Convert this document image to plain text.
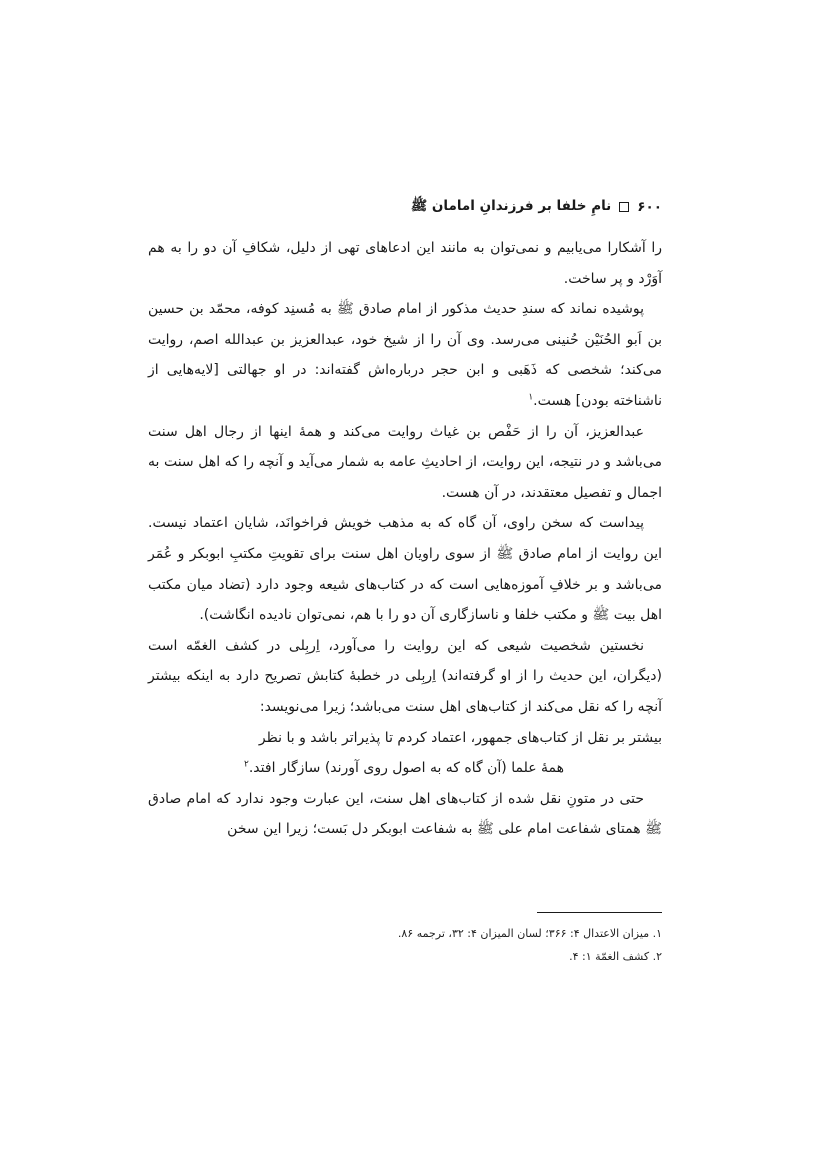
۶۰۰
نامِ خلفا بر فرزندانِ امامان ﷺ

را آشکارا می‌یابیم و نمی‌توان به مانند این ادعاهای تهی از دلیل، شکافِ آن دو را به هم آوَرْد و پر ساخت.

پوشیده نماند که سندِ حدیث مذکور از امام صادق ﷺ به مُسنِد کوفه، محمّد بن حسین بن اَبو الحُنَیْن حُنینی می‌رسد. وی آن را از شیخ خود، عبدالعزیز بن عبدالله اصم، روایت می‌کند؛ شخصی که ذَهَبی و ابن حجر درباره‌اش گفته‌اند: در او جهالتی [لایه‌هایی از ناشناخته بودن] هست.$^۱$

عبدالعزیز، آن را از حَفْص بن غیاث روایت می‌کند و همهٔ اینها از رجال اهل سنت می‌باشد و در نتیجه، این روایت، از احادیثِ عامه به شمار می‌آید و آنچه را که اهل سنت به اجمال و تفصیل معتقدند، در آن هست.

پیداست که سخن راوی، آن گاه که به مذهب خویش فراخوانَد، شایان اعتماد نیست. این روایت از امام صادق ﷺ از سوی راویان اهل سنت برای تقویتِ مکتبِ ابوبکر و عُمَر می‌باشد و بر خلافِ آموزه‌هایی است که در کتاب‌های شیعه وجود دارد (تضاد میان مکتب اهل بیت ﷺ و مکتب خلفا و ناسازگاری آن دو را با هم، نمی‌توان نادیده انگاشت).

نخستین شخصیت شیعی که این روایت را می‌آورد، اِربِلی در کشف الغمّه است (دیگران، این حدیث را از او گرفته‌اند) اِربِلی در خطبهٔ کتابش تصریح دارد به اینکه بیشتر آنچه را که نقل می‌کند از کتاب‌های اهل سنت می‌باشد؛ زیرا می‌نویسد:

بیشتر بر نقل از کتاب‌های جمهور، اعتماد کردم تا پذیراتر باشد و با نظر

همهٔ علما (آن گاه که به اصول روی آورند) سازگار افتد.$^۲$

حتی در متونِ نقل شده از کتاب‌های اهل سنت، این عبارت وجود ندارد که امام صادق ﷺ همتای شفاعت امام علی ﷺ به شفاعت ابوبکر دل بَست؛ زیرا این سخن

۱. میزان الاعتدال ۴: ۳۶۶؛ لسان المیزان ۴: ۳۲، ترجمه ۸۶.

۲. کشف الغمّة ۱: ۴.
